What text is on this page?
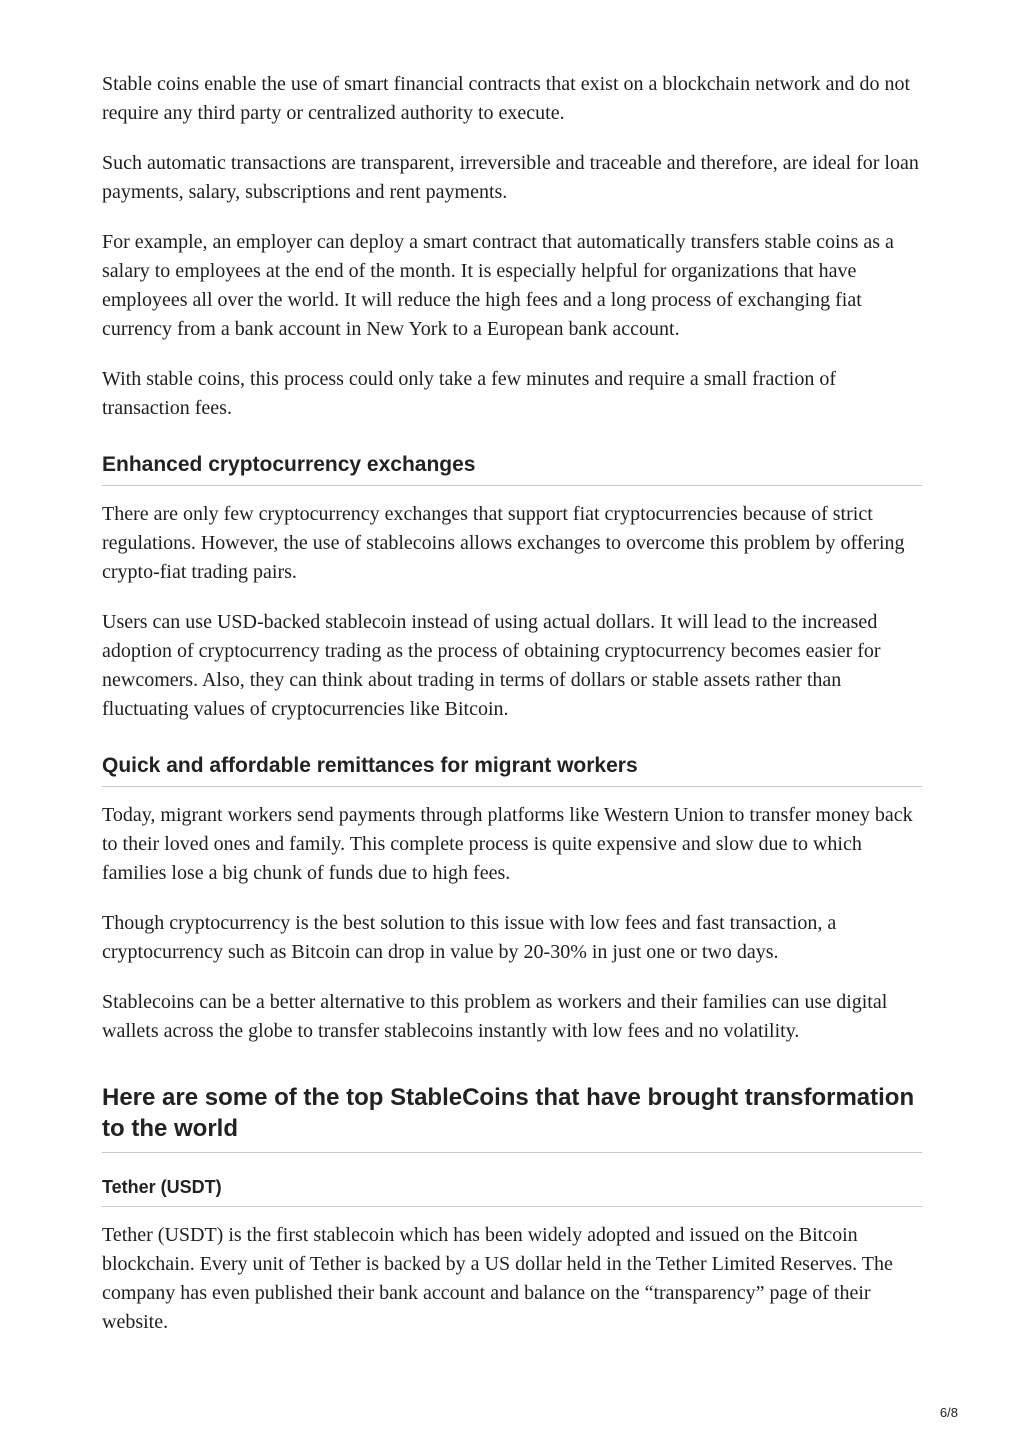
Stable coins enable the use of smart financial contracts that exist on a blockchain network and do not require any third party or centralized authority to execute.

Such automatic transactions are transparent, irreversible and traceable and therefore, are ideal for loan payments, salary, subscriptions and rent payments.

For example, an employer can deploy a smart contract that automatically transfers stable coins as a salary to employees at the end of the month. It is especially helpful for organizations that have employees all over the world. It will reduce the high fees and a long process of exchanging fiat currency from a bank account in New York to a European bank account.

With stable coins, this process could only take a few minutes and require a small fraction of transaction fees.

Enhanced cryptocurrency exchanges

There are only few cryptocurrency exchanges that support fiat cryptocurrencies because of strict regulations. However, the use of stablecoins allows exchanges to overcome this problem by offering crypto-fiat trading pairs.

Users can use USD-backed stablecoin instead of using actual dollars. It will lead to the increased adoption of cryptocurrency trading as the process of obtaining cryptocurrency becomes easier for newcomers. Also, they can think about trading in terms of dollars or stable assets rather than fluctuating values of cryptocurrencies like Bitcoin.

Quick and affordable remittances for migrant workers

Today, migrant workers send payments through platforms like Western Union to transfer money back to their loved ones and family. This complete process is quite expensive and slow due to which families lose a big chunk of funds due to high fees.

Though cryptocurrency is the best solution to this issue with low fees and fast transaction, a cryptocurrency such as Bitcoin can drop in value by 20-30% in just one or two days.

Stablecoins can be a better alternative to this problem as workers and their families can use digital wallets across the globe to transfer stablecoins instantly with low fees and no volatility.

Here are some of the top StableCoins that have brought transformation to the world
Tether (USDT)

Tether (USDT) is the first stablecoin which has been widely adopted and issued on the Bitcoin blockchain. Every unit of Tether is backed by a US dollar held in the Tether Limited Reserves. The company has even published their bank account and balance on the “transparency” page of their website.

6/8
